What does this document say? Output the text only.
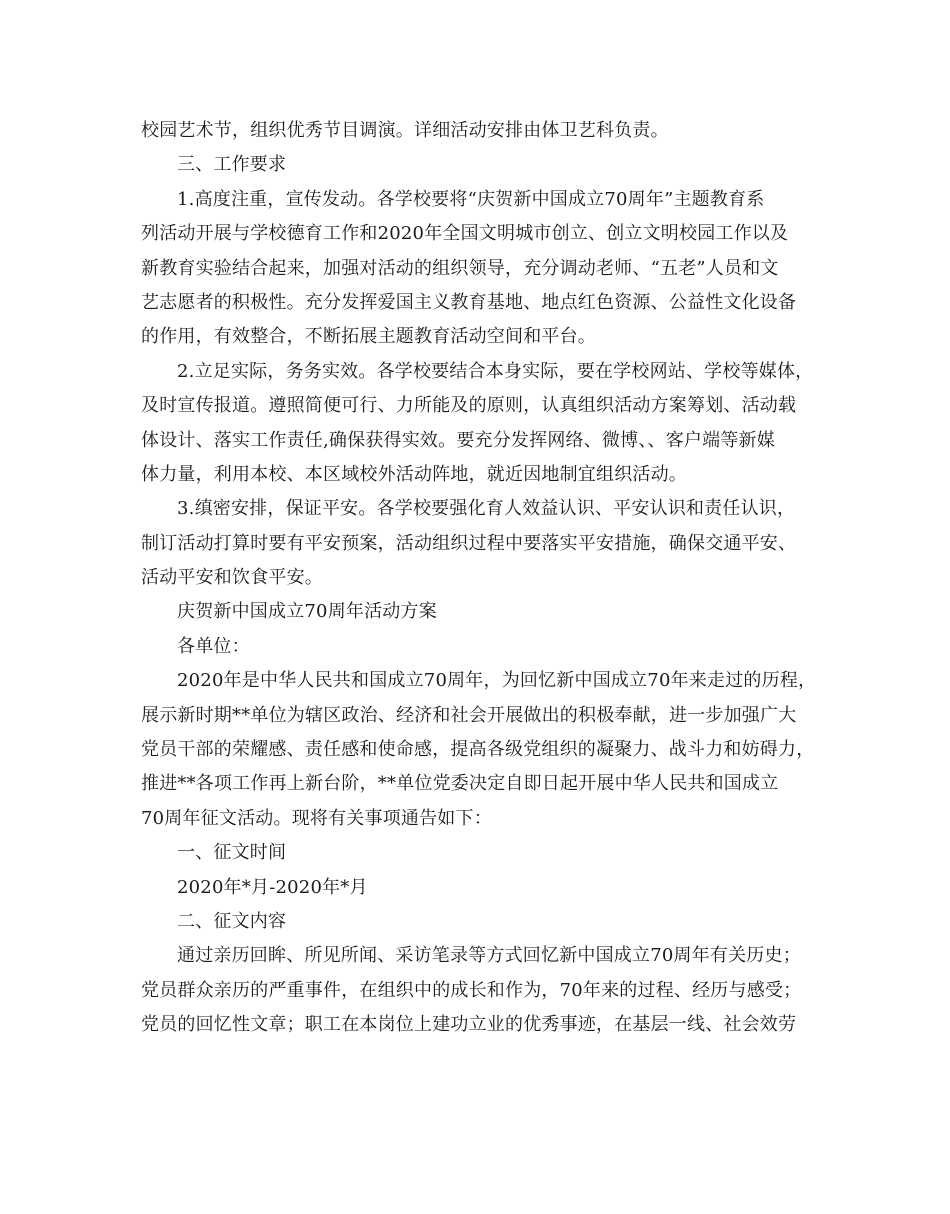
校园艺术节，组织优秀节目调演。详细活动安排由体卫艺科负责。
三、工作要求
1.高度注重，宣传发动。各学校要将“庆贺新中国成立70周年”主题教育系
列活动开展与学校德育工作和2020年全国文明城市创立、创立文明校园工作以及
新教育实验结合起来，加强对活动的组织领导，充分调动老师、“五老”人员和文
艺志愿者的积极性。充分发挥爱国主义教育基地、地点红色资源、公益性文化设备
的作用，有效整合，不断拓展主题教育活动空间和平台。
2.立足实际，务务实效。各学校要结合本身实际，要在学校网站、学校等媒体，
及时宣传报道。遵照简便可行、力所能及的原则，认真组织活动方案筹划、活动载
体设计、落实工作责任,确保获得实效。要充分发挥网络、微博、、客户端等新媒
体力量，利用本校、本区域校外活动阵地，就近因地制宜组织活动。
3.缜密安排，保证平安。各学校要强化育人效益认识、平安认识和责任认识，
制订活动打算时要有平安预案，活动组织过程中要落实平安措施，确保交通平安、
活动平安和饮食平安。
庆贺新中国成立70周年活动方案
各单位：
2020年是中华人民共和国成立70周年，为回忆新中国成立70年来走过的历程，
展示新时期**单位为辖区政治、经济和社会开展做出的积极奉献，进一步加强广大
党员干部的荣耀感、责任感和使命感，提高各级党组织的凝聚力、战斗力和妨碍力，
推进**各项工作再上新台阶，**单位党委决定自即日起开展中华人民共和国成立
70周年征文活动。现将有关事项通告如下：
一、征文时间
2020年*月-2020年*月
二、征文内容
通过亲历回眸、所见所闻、采访笔录等方式回忆新中国成立70周年有关历史；
党员群众亲历的严重事件，在组织中的成长和作为，70年来的过程、经历与感受；
党员的回忆性文章；职工在本岗位上建功立业的优秀事迹，在基层一线、社会效劳
